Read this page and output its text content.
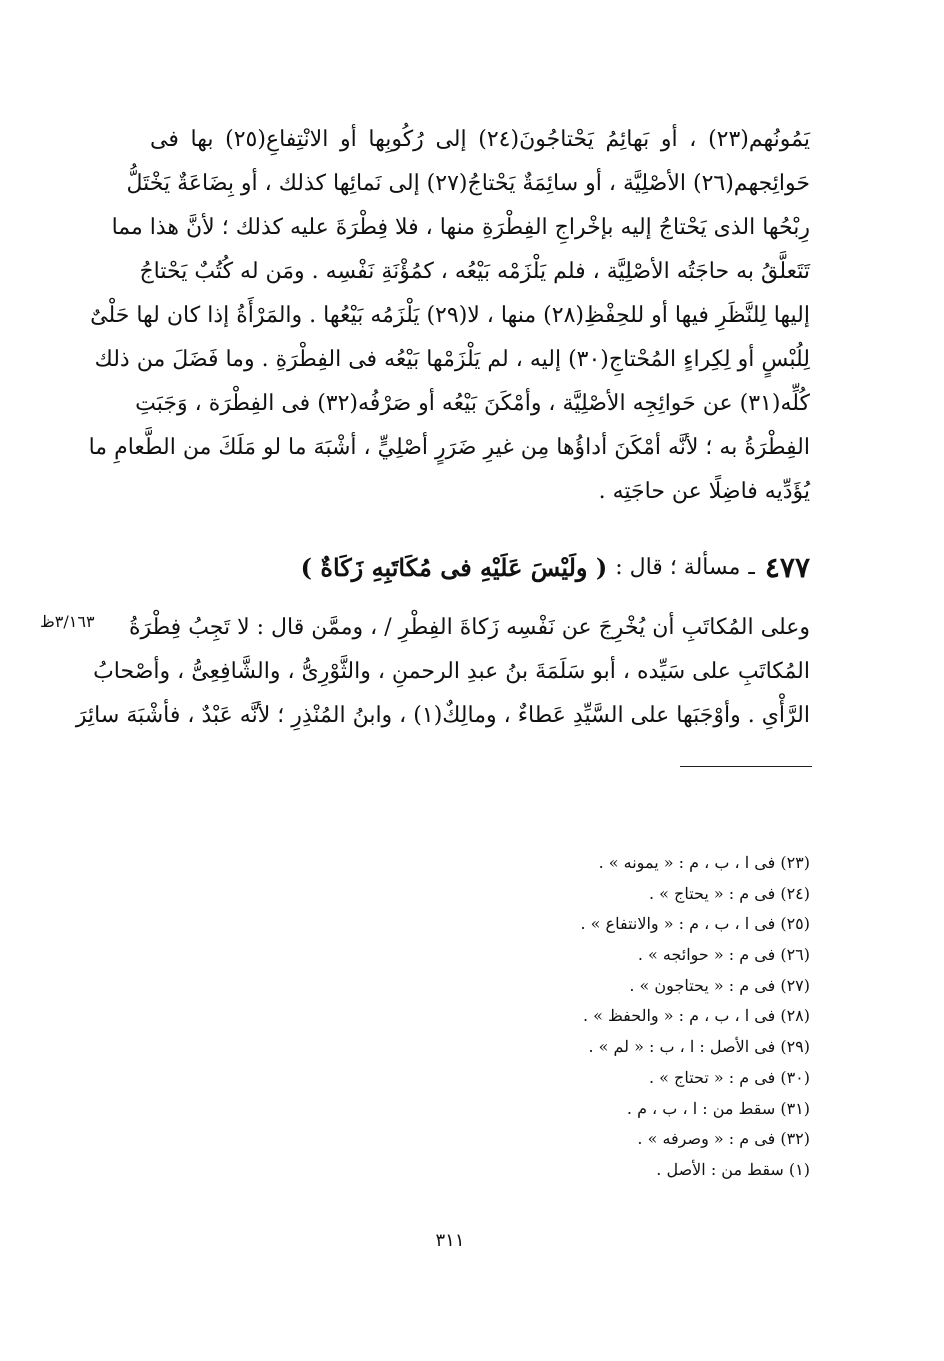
يَمُونُهم(٢٣) ، أو بَهائِمُ يَحْتاجُونَ(٢٤) إلى رُكُوبِها أو الانْتِفاعِ(٢٥) بها فى
حَوائِجهم(٢٦) الأصْلِيَّة ، أو سائِمَةٌ يَحْتاجُ(٢٧) إلى نَمائِها كذلك ، أو بِضَاعَةٌ يَخْتَلُّ
رِبْحُها الذى يَحْتاجُ إليه بإخْراجِ الفِطْرَةِ منها ، فلا فِطْرَةَ عليه كذلك ؛ لأنَّ هذا مما
تَتَعلَّقُ به حاجَتُه الأصْلِيَّة ، فلم يَلْزَمْه بَيْعُه ، كمُؤْنَةِ نَفْسِه . ومَن له كُتُبٌ يَحْتاجُ
إليها لِلنَّظَرِ فيها أو للحِفْظِ(٢٨) منها ، لا(٢٩) يَلْزَمُه بَيْعُها . والمَرْأَةُ إذا كان لها حَلْىٌ
لِلُبْسٍ أو لِكِراءٍ المُحْتاجِ(٣٠) إليه ، لم يَلْزَمْها بَيْعُه فى الفِطْرَةِ . وما فَضَلَ من ذلك
كُلِّه(٣١) عن حَوائِجِه الأصْلِيَّة ، وأمْكَنَ بَيْعُه أو صَرْفُه(٣٢) فى الفِطْرَة ، وَجَبَتِ
الفِطْرَةُ به ؛ لأنَّه أمْكَنَ أداؤُها مِن غيرِ ضَرَرٍ أصْلِيٍّ ، أشْبَهَ ما لو مَلَكَ من الطَّعامِ ما
يُؤَدِّيه فاضِلًا عن حاجَتِه .
٤٧٧
ـ
مسألة ؛ قال :
( ولَيْسَ عَلَيْهِ فى مُكَاتَبِهِ زَكَاةٌ )
٣/١٦٣ظ وعلى المُكاتَبِ أن يُخْرِجَ عن نَفْسِه زَكاةَ الفِطْرِ / ، وممَّن قال : لا تَجِبُ فِطْرَةُ
المُكاتَبِ على سَيِّده ، أبو سَلَمَةَ بنُ عبدِ الرحمنِ ، والثَّوْرِىُّ ، والشَّافِعِىُّ ، وأصْحابُ
الرَّأْىِ . وأوْجَبَها على السَّيِّدِ عَطاءٌ ، ومالِكٌ(١) ، وابنُ المُنْذِرِ ؛ لأنَّه عَبْدٌ ، فأشْبَهَ سائِرَ
(٢٣) فى ا ، ب ، م : « يمونه » .
(٢٤) فى م : « يحتاج » .
(٢٥) فى ا ، ب ، م : « والانتفاع » .
(٢٦) فى م : « حوائجه » .
(٢٧) فى م : « يحتاجون » .
(٢٨) فى ا ، ب ، م : « والحفظ » .
(٢٩) فى الأصل : ا ، ب : « لم » .
(٣٠) فى م : « تحتاج » .
(٣١) سقط من : ا ، ب ، م .
(٣٢) فى م : « وصرفه » .
(١) سقط من : الأصل .
٣١١
